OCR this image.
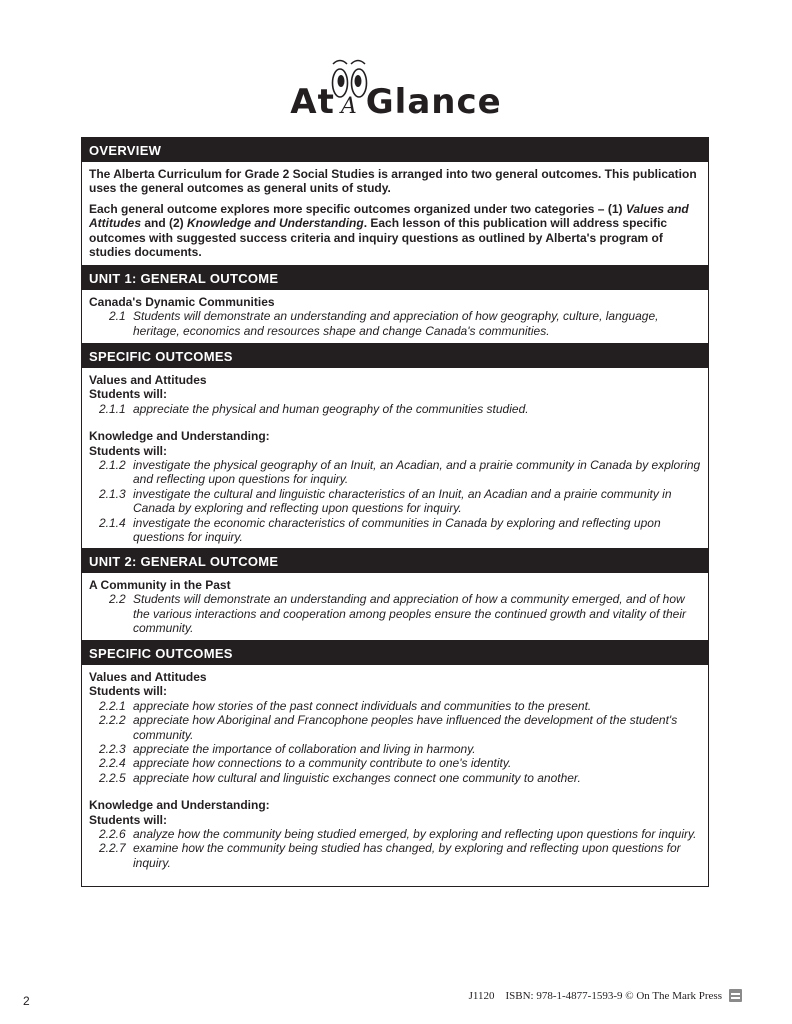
At A Glance
OVERVIEW

The Alberta Curriculum for Grade 2 Social Studies is arranged into two general outcomes. This publication uses the general outcomes as general units of study.

Each general outcome explores more specific outcomes organized under two categories – (1) Values and Attitudes and (2) Knowledge and Understanding. Each lesson of this publication will address specific outcomes with suggested success criteria and inquiry questions as outlined by Alberta's program of studies documents.

UNIT 1: GENERAL OUTCOME
Canada's Dynamic Communities
2.1 Students will demonstrate an understanding and appreciation of how geography, culture, language, heritage, economics and resources shape and change Canada's communities.
SPECIFIC OUTCOMES
Values and Attitudes
Students will:
2.1.1 appreciate the physical and human geography of the communities studied.
Knowledge and Understanding:
Students will:
2.1.2 investigate the physical geography of an Inuit, an Acadian, and a prairie community in Canada by exploring and reflecting upon questions for inquiry.
2.1.3 investigate the cultural and linguistic characteristics of an Inuit, an Acadian and a prairie community in Canada by exploring and reflecting upon questions for inquiry.
2.1.4 investigate the economic characteristics of communities in Canada by exploring and reflecting upon questions for inquiry.
UNIT 2: GENERAL OUTCOME
A Community in the Past
2.2 Students will demonstrate an understanding and appreciation of how a community emerged, and of how the various interactions and cooperation among peoples ensure the continued growth and vitality of their community.
SPECIFIC OUTCOMES
Values and Attitudes
Students will:
2.2.1 appreciate how stories of the past connect individuals and communities to the present.
2.2.2 appreciate how Aboriginal and Francophone peoples have influenced the development of the student's community.
2.2.3 appreciate the importance of collaboration and living in harmony.
2.2.4 appreciate how connections to a community contribute to one's identity.
2.2.5 appreciate how cultural and linguistic exchanges connect one community to another.
Knowledge and Understanding:
Students will:
2.2.6 analyze how the community being studied emerged, by exploring and reflecting upon questions for inquiry.
2.2.7 examine how the community being studied has changed, by exploring and reflecting upon questions for inquiry.
2	J1120 ISBN: 978-1-4877-1593-9 © On The Mark Press
